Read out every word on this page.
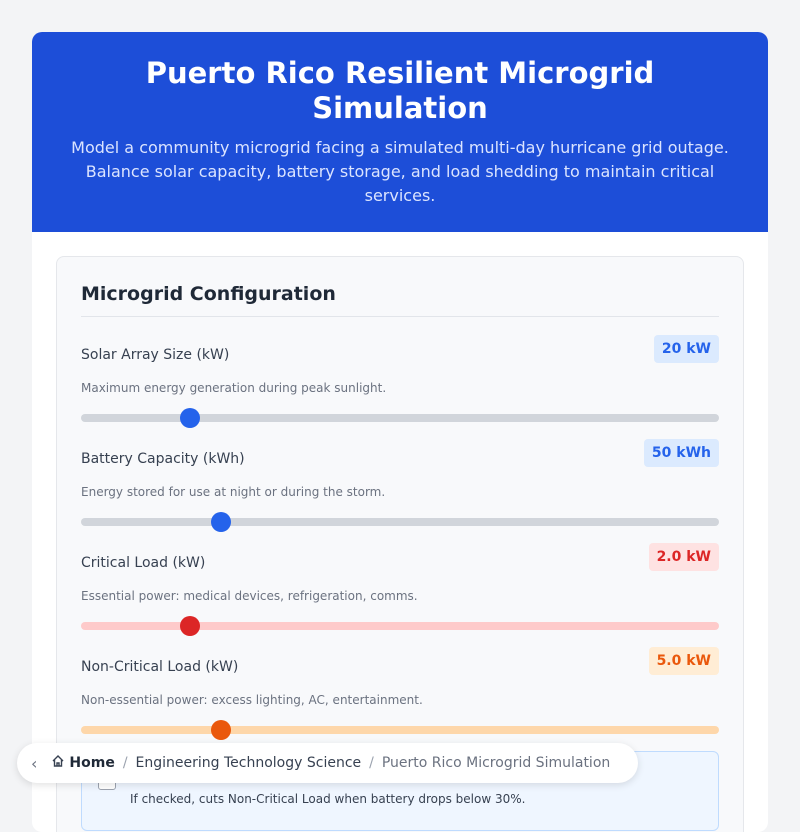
Puerto Rico Resilient Microgrid Simulation

Model a community microgrid facing a simulated multi-day hurricane grid outage. Balance solar capacity, battery storage, and load shedding to maintain critical services.

Microgrid Configuration
Solar Array Size (kW)	20 kW
Maximum energy generation during peak sunlight.
Battery Capacity (kWh)	50 kWh
Energy stored for use at night or during the storm.
Critical Load (kW)	2.0 kW
Essential power: medical devices, refrigeration, comms.
Non-Critical Load (kW)	5.0 kW
Non-essential power: excess lighting, AC, entertainment.
If checked, cuts Non-Critical Load when battery drops below 30%.
‹ Home / Engineering Technology Science / Puerto Rico Microgrid Simulation
